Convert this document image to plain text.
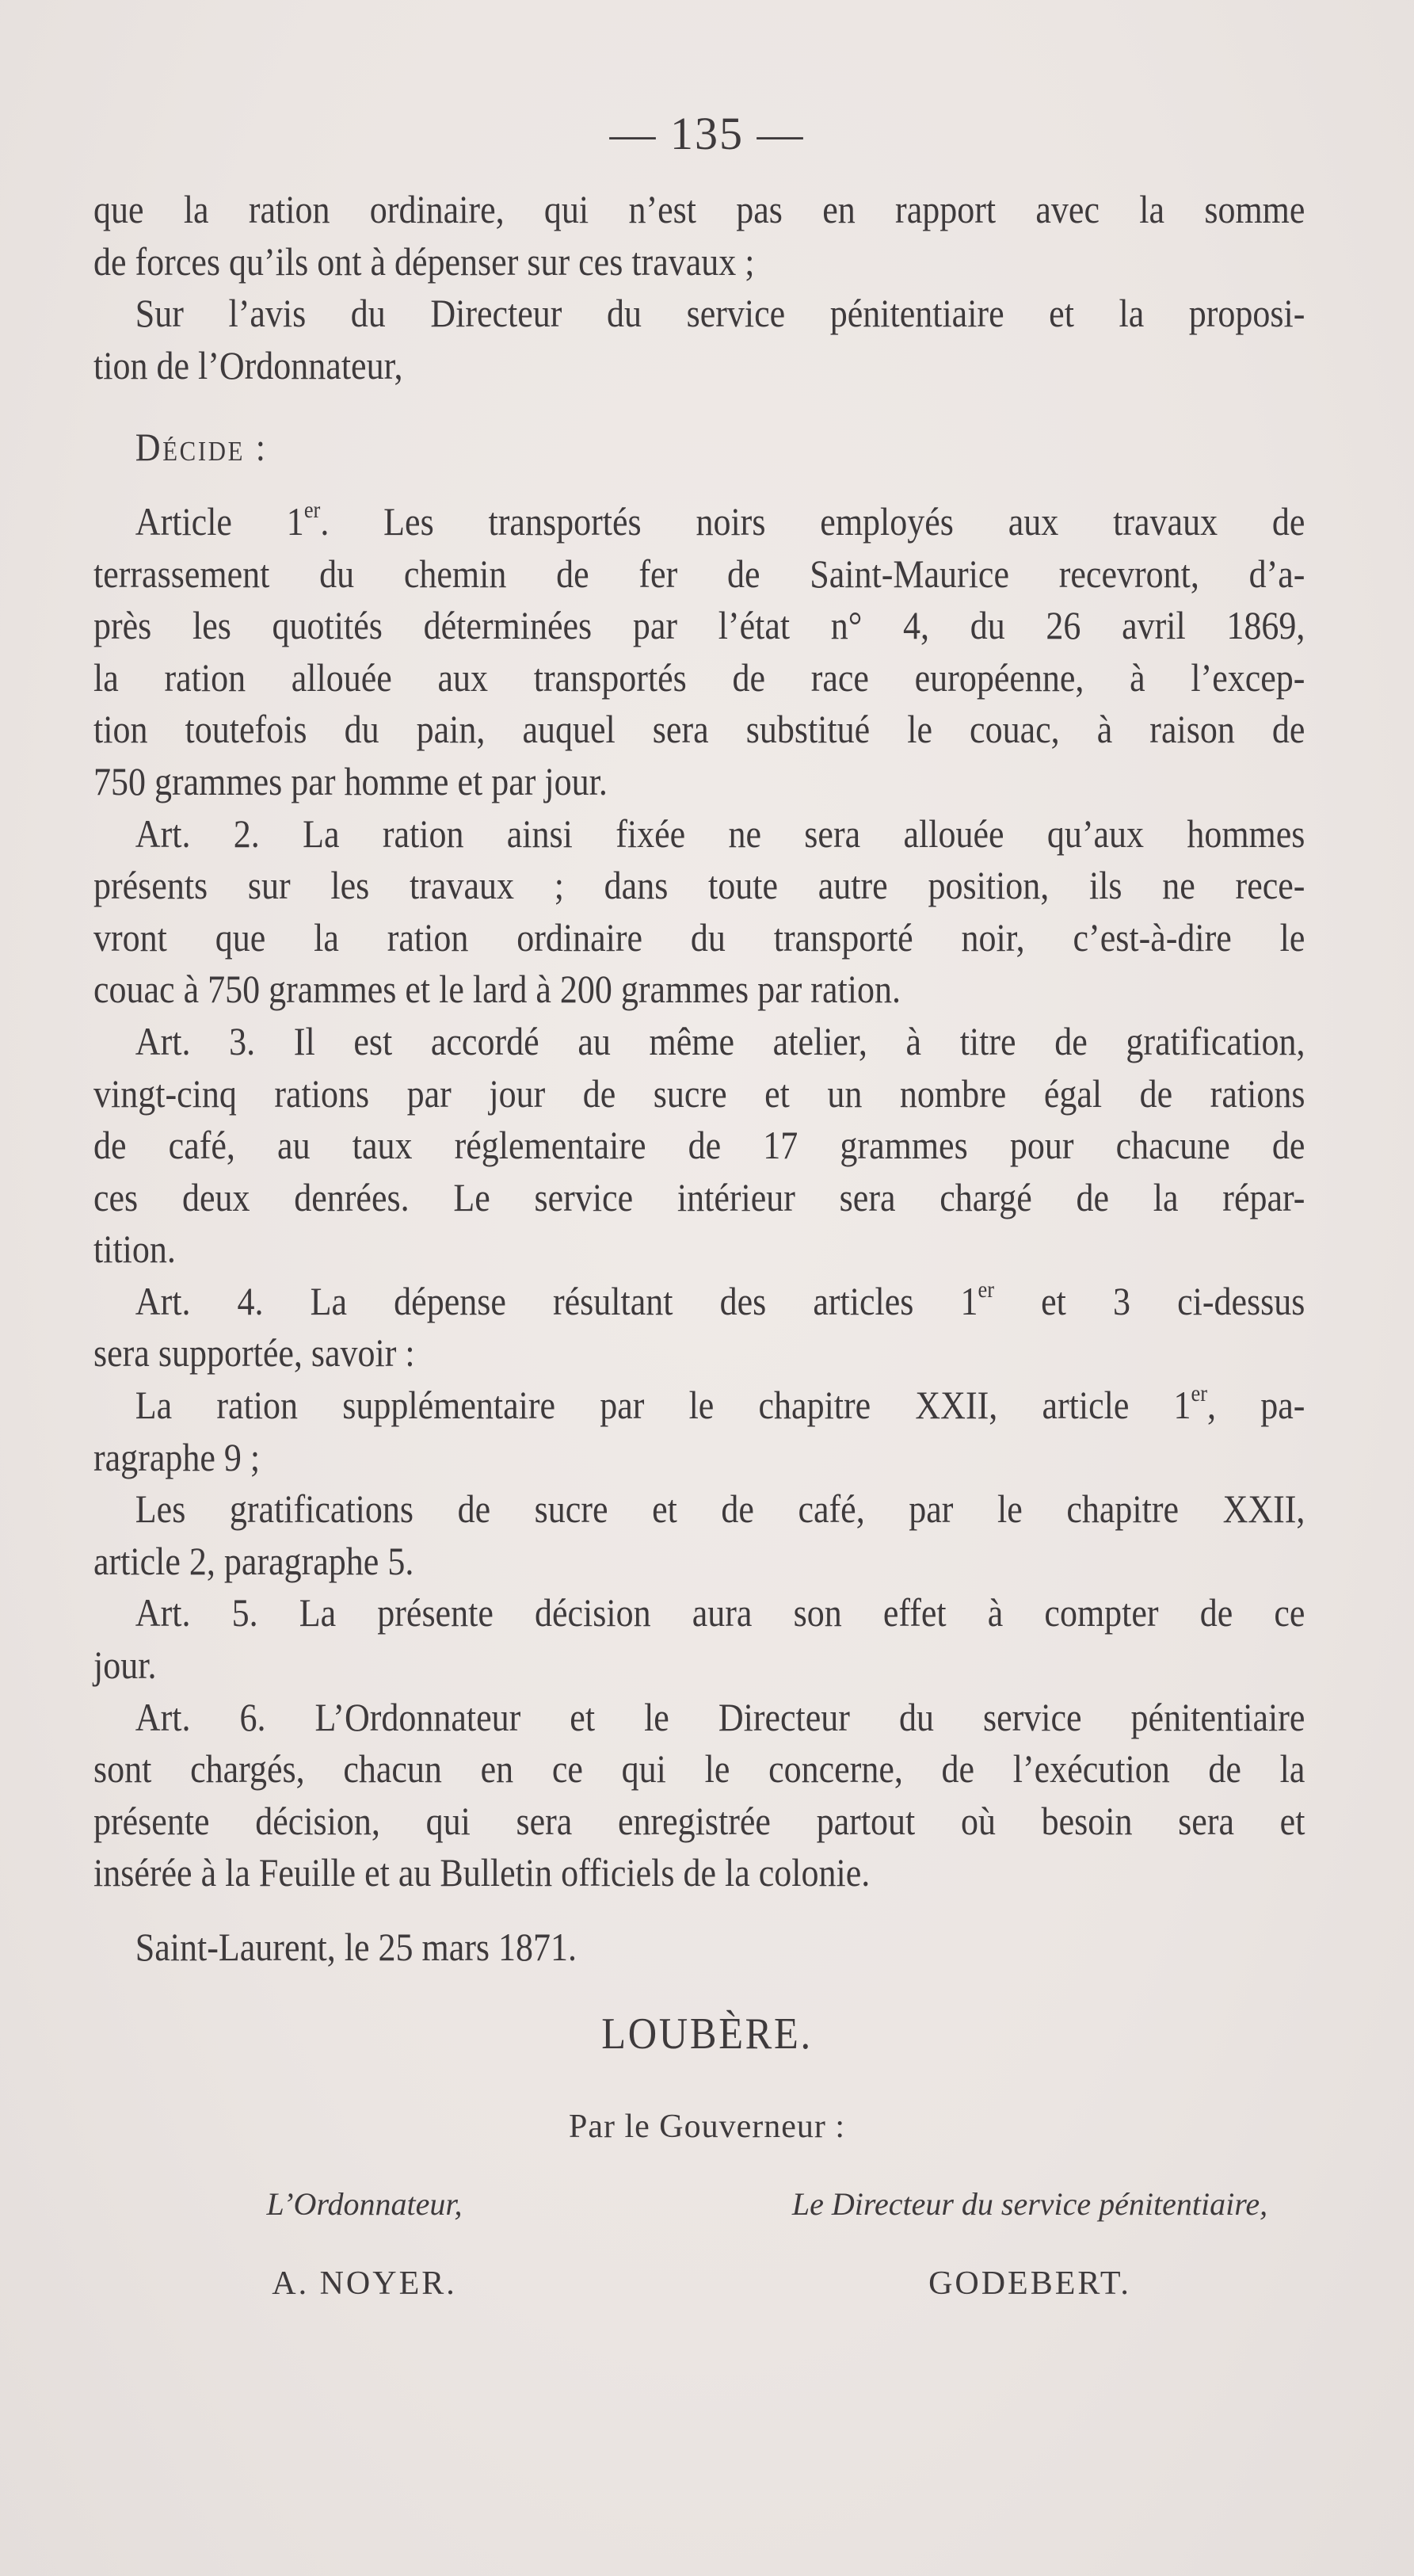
— 135 —
que la ration ordinaire, qui n’est pas en rapport avec la somme
de forces qu’ils ont à dépenser sur ces travaux ;
Sur l’avis du Directeur du service pénitentiaire et la proposi-
tion de l’Ordonnateur,
Décide :
Article 1er. Les transportés noirs employés aux travaux de
terrassement du chemin de fer de Saint-Maurice recevront, d’a-
près les quotités déterminées par l’état n° 4, du 26 avril 1869,
la ration allouée aux transportés de race européenne, à l’excep-
tion toutefois du pain, auquel sera substitué le couac, à raison de
750 grammes par homme et par jour.
Art. 2. La ration ainsi fixée ne sera allouée qu’aux hommes
présents sur les travaux ; dans toute autre position, ils ne rece-
vront que la ration ordinaire du transporté noir, c’est-à-dire le
couac à 750 grammes et le lard à 200 grammes par ration.
Art. 3. Il est accordé au même atelier, à titre de gratification,
vingt-cinq rations par jour de sucre et un nombre égal de rations
de café, au taux réglementaire de 17 grammes pour chacune de
ces deux denrées. Le service intérieur sera chargé de la répar-
tition.
Art. 4. La dépense résultant des articles 1er et 3 ci-dessus
sera supportée, savoir :
La ration supplémentaire par le chapitre XXII, article 1er, pa-
ragraphe 9 ;
Les gratifications de sucre et de café, par le chapitre XXII,
article 2, paragraphe 5.
Art. 5. La présente décision aura son effet à compter de ce
jour.
Art. 6. L’Ordonnateur et le Directeur du service pénitentiaire
sont chargés, chacun en ce qui le concerne, de l’exécution de la
présente décision, qui sera enregistrée partout où besoin sera et
insérée à la Feuille et au Bulletin officiels de la colonie.
Saint-Laurent, le 25 mars 1871.
LOUBÈRE.
Par le Gouverneur :
L’Ordonnateur,	Le Directeur du service pénitentiaire,
A. NOYER.	GODEBERT.
